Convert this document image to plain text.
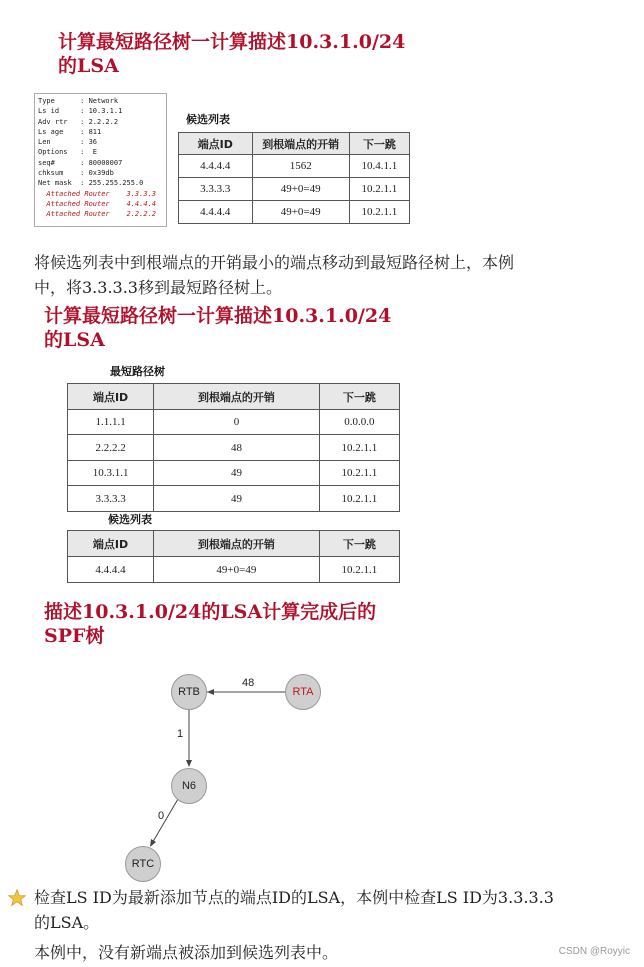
计算最短路径树一计算描述10.3.1.0/24
的LSA
Type      : Network
Ls id     : 10.3.1.1
Adv rtr   : 2.2.2.2
Ls age    : 811
Len       : 36
Options   :  E
seq#      : 80000007
chksum    : 0x39db
Net mask  : 255.255.255.0
Attached Router    3.3.3.3
Attached Router    4.4.4.4
Attached Router    2.2.2.2
候选列表
端点ID	到根端点的开销	下一跳
4.4.4.4	1562	10.4.1.1
3.3.3.3	49+0=49	10.2.1.1
4.4.4.4	49+0=49	10.2.1.1
将候选列表中到根端点的开销最小的端点移动到最短路径树上，本例
中，将3.3.3.3移到最短路径树上。
计算最短路径树一计算描述10.3.1.0/24
的LSA
最短路径树
端点ID	到根端点的开销	下一跳
1.1.1.1	0	0.0.0.0
2.2.2.2	48	10.2.1.1
10.3.1.1	49	10.2.1.1
3.3.3.3	49	10.2.1.1
候选列表
端点ID	到根端点的开销	下一跳
4.4.4.4	49+0=49	10.2.1.1
描述10.3.1.0/24的LSA计算完成后的
SPF树
48
1
0
RTB	RTA
N6
RTC
检查LS ID为最新添加节点的端点ID的LSA，本例中检查LS ID为3.3.3.3
的LSA。
本例中，没有新端点被添加到候选列表中。	CSDN @Royyic
